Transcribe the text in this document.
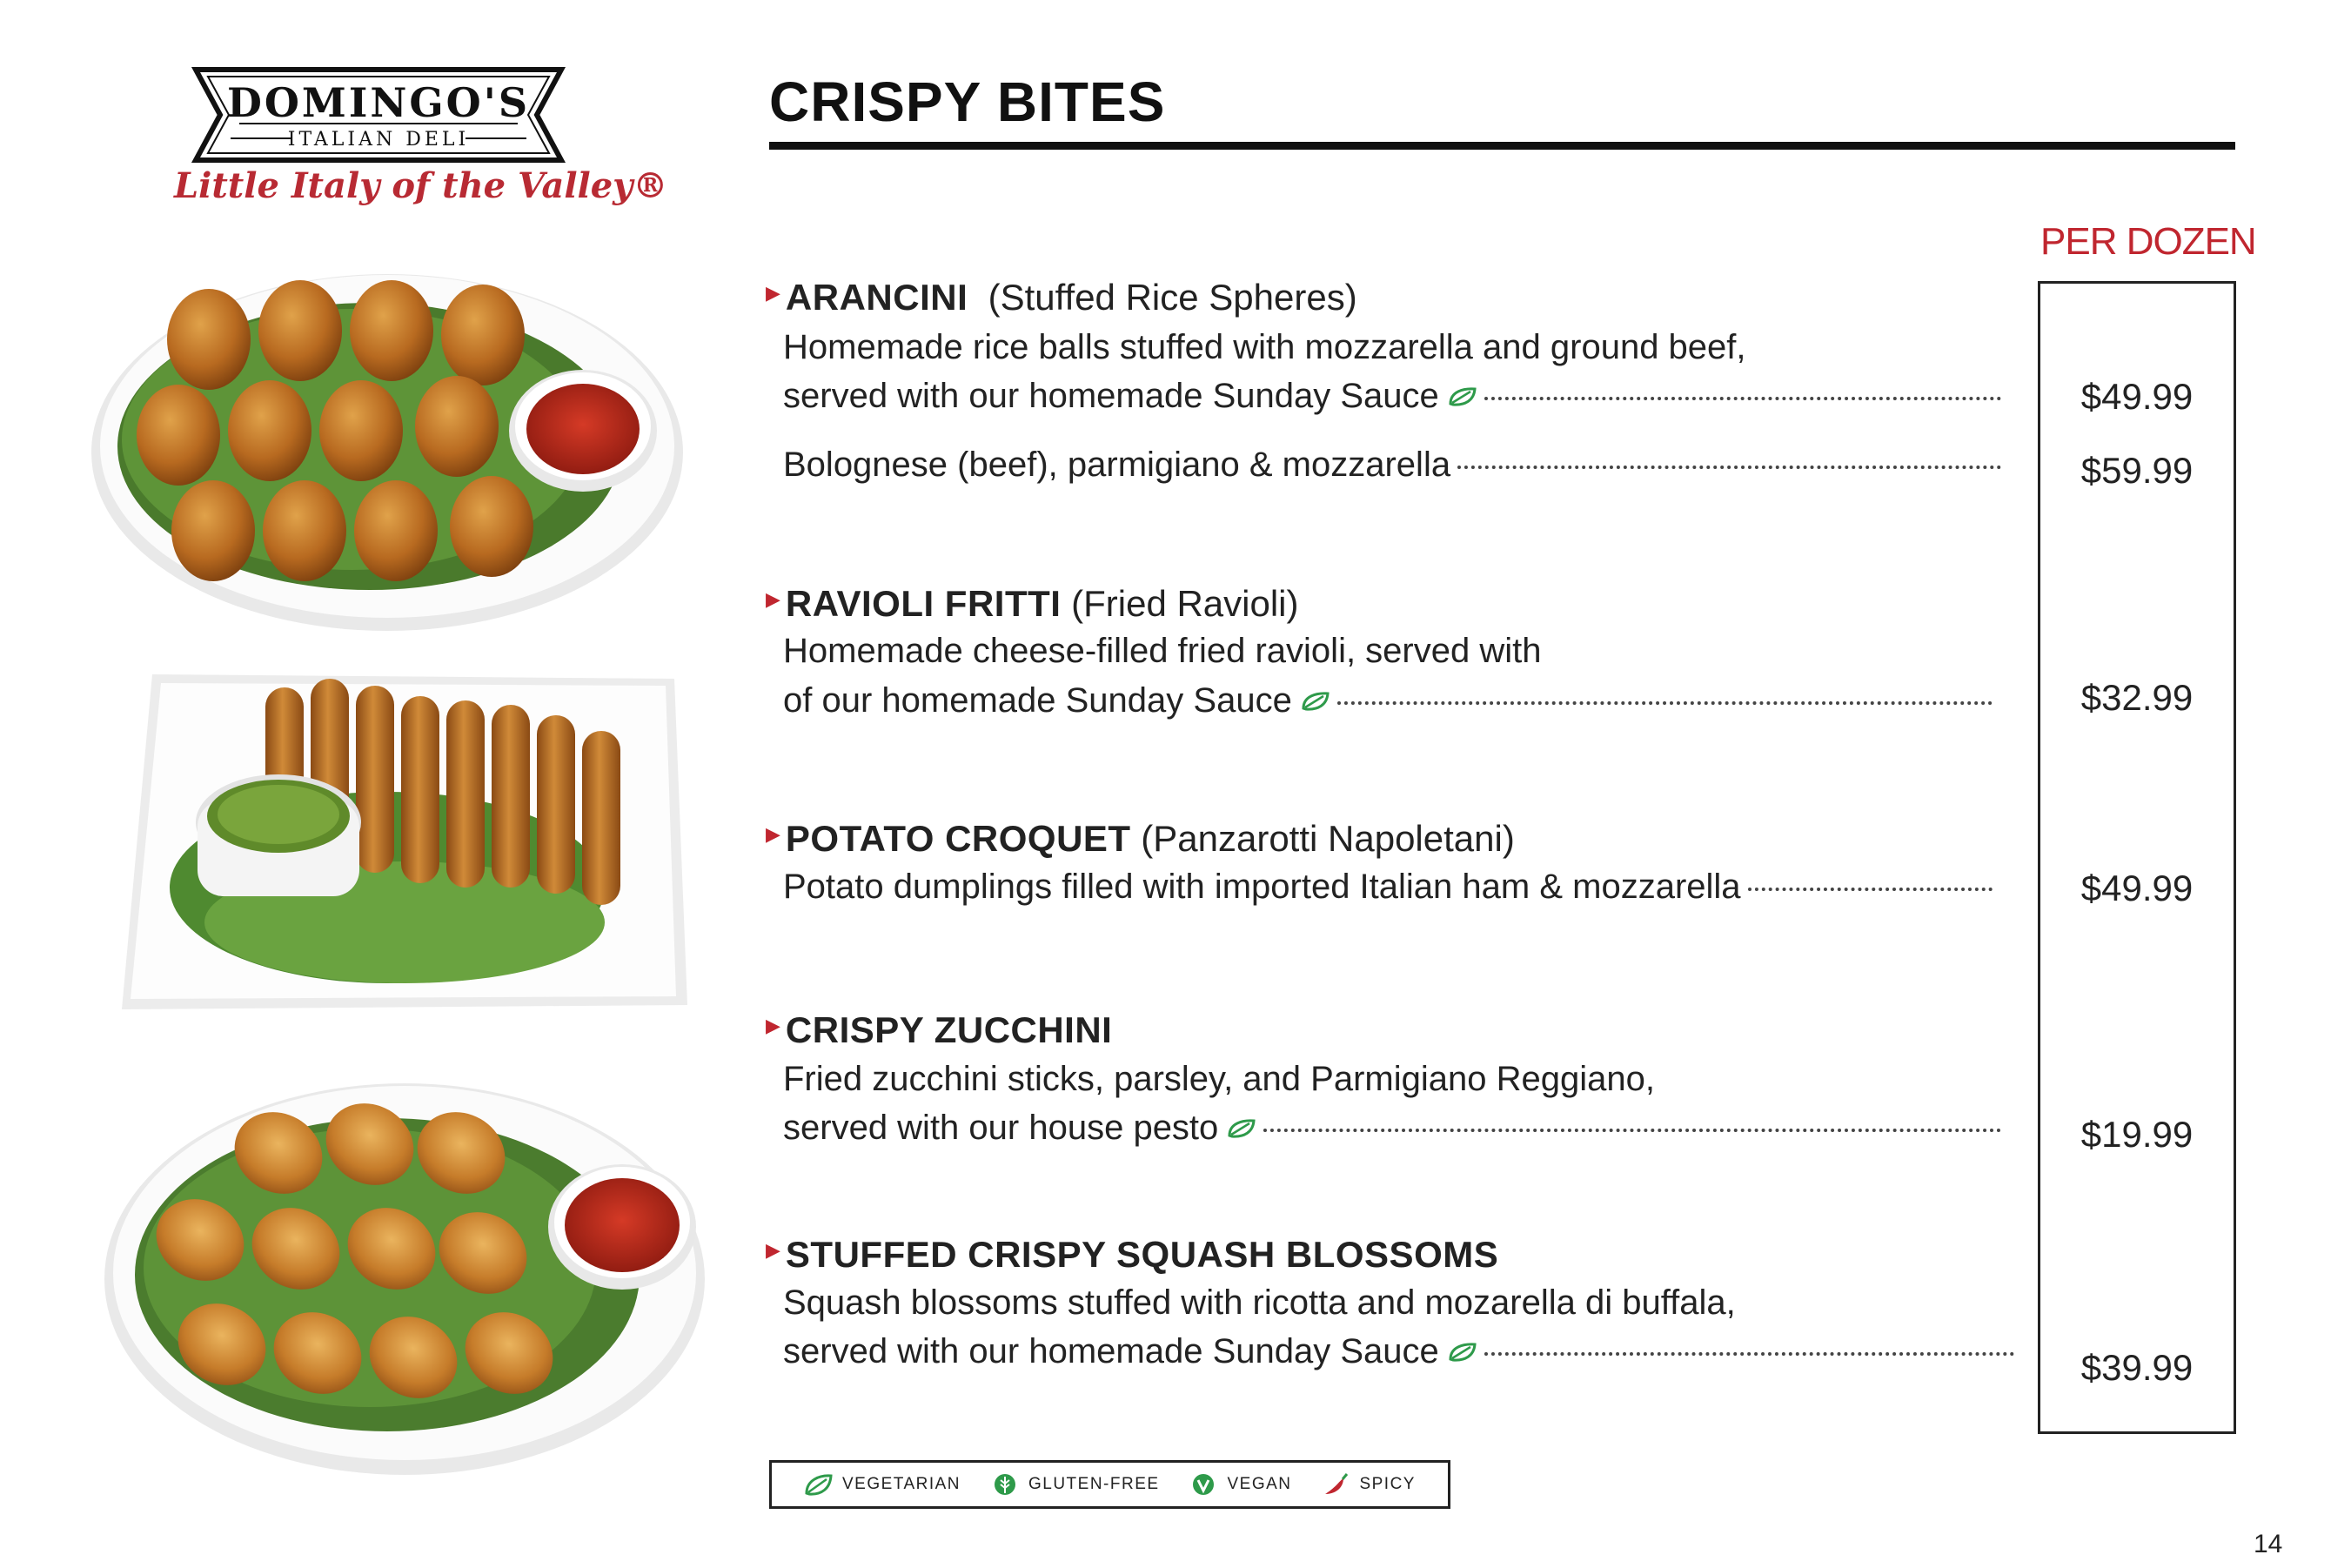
DOMINGO'S
ITALIAN DELI
Little Italy of the Valley®
CRISPY BITES
PER DOZEN
▶ ARANCINI (Stuffed Rice Spheres)
Homemade rice balls stuffed with mozzarella and ground beef,
served with our homemade Sunday Sauce	$49.99
Bolognese (beef), parmigiano & mozzarella	$59.99
▶ RAVIOLI FRITTI (Fried Ravioli)
Homemade cheese-filled fried ravioli, served with
of our homemade Sunday Sauce	$32.99
▶ POTATO CROQUET (Panzarotti Napoletani)
Potato dumplings filled with imported Italian ham & mozzarella	$49.99
▶ CRISPY ZUCCHINI
Fried zucchini sticks, parsley, and Parmigiano Reggiano,
served with our house pesto	$19.99
▶ STUFFED CRISPY SQUASH BLOSSOMS
Squash blossoms stuffed with ricotta and mozarella di buffala,
served with our homemade Sunday Sauce	$39.99
VEGETARIAN	GLUTEN-FREE	VEGAN	SPICY
14
